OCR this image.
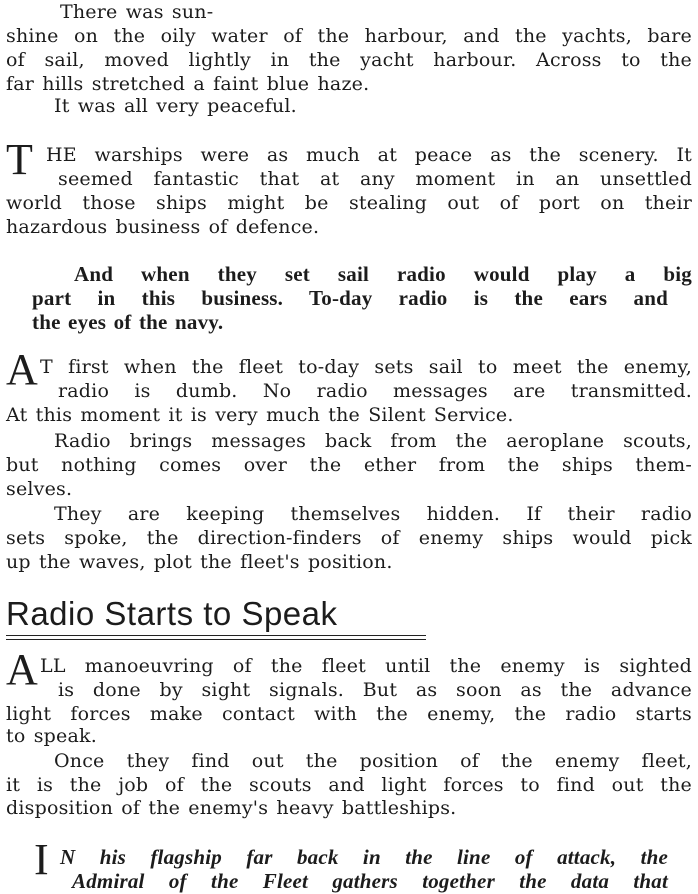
There was sun-
shine on the oily water of the harbour, and the yachts, bare
of sail, moved lightly in the yacht harbour. Across to the
far hills stretched a faint blue haze.
It was all very peaceful.
T HE warships were as much at peace as the scenery. It
seemed fantastic that at any moment in an unsettled
world those ships might be stealing out of port on their
hazardous business of defence.
And when they set sail radio would play a big
part in this business. To-day radio is the ears and
the eyes of the navy.
A T first when the fleet to-day sets sail to meet the enemy,
radio is dumb. No radio messages are transmitted.
At this moment it is very much the Silent Service.
Radio brings messages back from the aeroplane scouts,
but nothing comes over the ether from the ships them-
selves.
They are keeping themselves hidden. If their radio
sets spoke, the direction-finders of enemy ships would pick
up the waves, plot the fleet's position.
Radio Starts to Speak
A LL manoeuvring of the fleet until the enemy is sighted
is done by sight signals. But as soon as the advance
light forces make contact with the enemy, the radio starts
to speak.
Once they find out the position of the enemy fleet,
it is the job of the scouts and light forces to find out the
disposition of the enemy's heavy battleships.
I N his flagship far back in the line of attack, the
Admiral of the Fleet gathers together the data that
